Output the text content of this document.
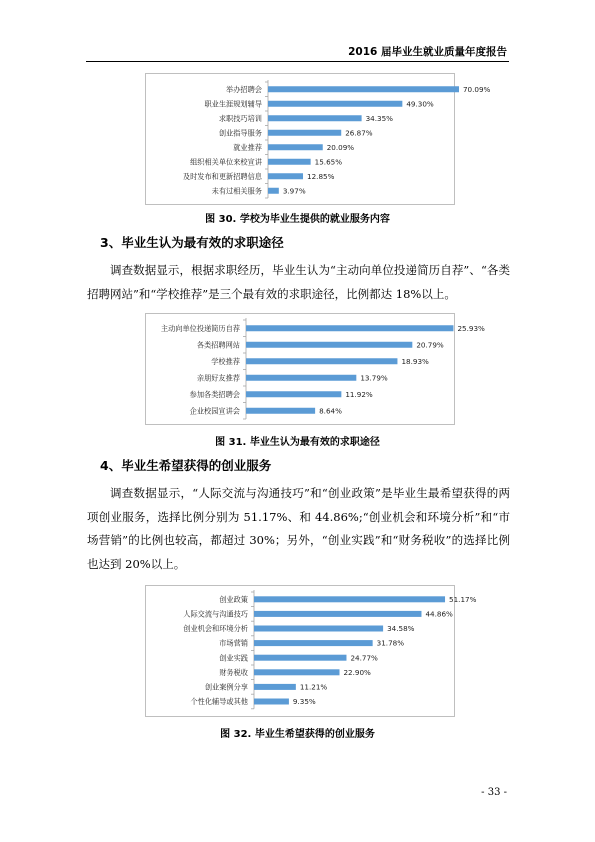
2016 届毕业生就业质量年度报告
举办招聘会	70.09%
职业生涯规划辅导	49.30%
求职技巧培训	34.35%
创业指导服务	26.87%
就业推荐	20.09%
组织相关单位来校宣讲	15.65%
及时发布和更新招聘信息	12.85%
未有过相关服务	3.97%
图 30. 学校为毕业生提供的就业服务内容
3、毕业生认为最有效的求职途径
调查数据显示，根据求职经历，毕业生认为“主动向单位投递简历自荐”、“各类招聘网站”和“学校推荐”是三个最有效的求职途径，比例都达 18%以上。
主动向单位投递简历自荐	25.93%
各类招聘网站	20.79%
学校推荐	18.93%
亲朋好友推荐	13.79%
参加各类招聘会	11.92%
企业校园宣讲会	8.64%
图 31. 毕业生认为最有效的求职途径
4、毕业生希望获得的创业服务
调查数据显示，“人际交流与沟通技巧”和“创业政策”是毕业生最希望获得的两项创业服务，选择比例分别为 51.17%、和 44.86%;“创业机会和环境分析”和“市场营销”的比例也较高，都超过 30%；另外，“创业实践”和“财务税收”的选择比例也达到 20%以上。
创业政策	51.17%
人际交流与沟通技巧	44.86%
创业机会和环境分析	34.58%
市场营销	31.78%
创业实践	24.77%
财务税收	22.90%
创业案例分享	11.21%
个性化辅导或其他	9.35%
图 32. 毕业生希望获得的创业服务
- 33 -
